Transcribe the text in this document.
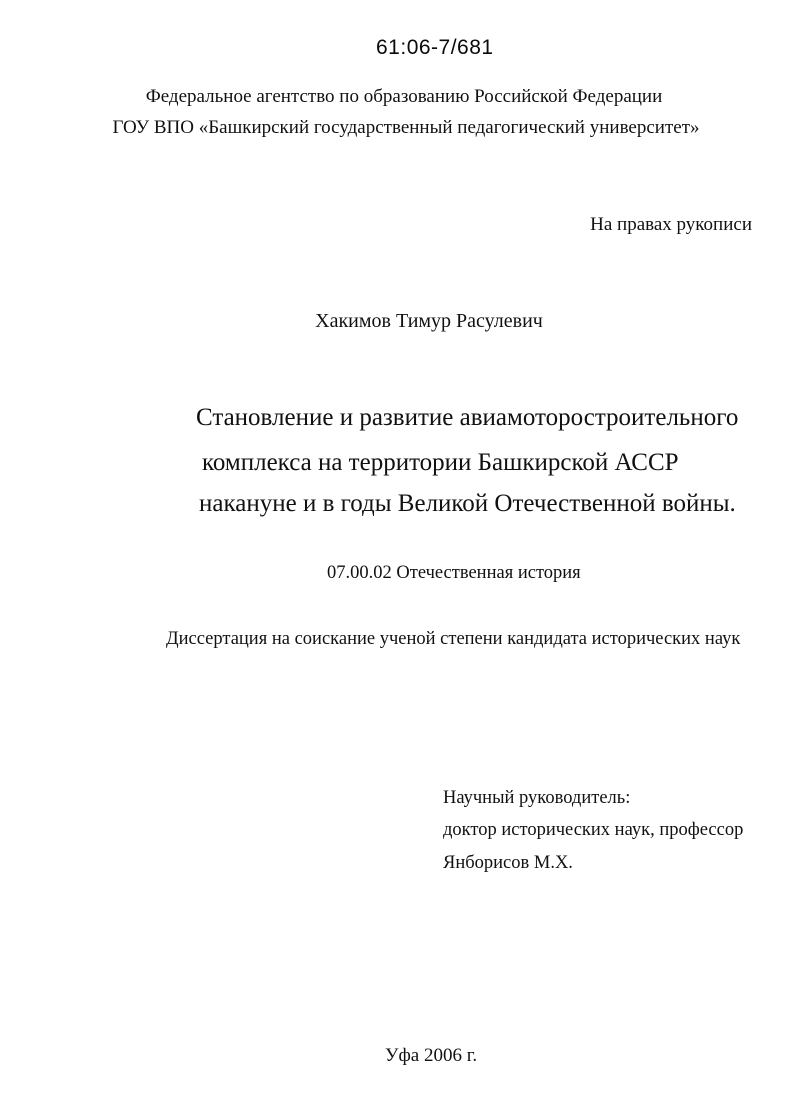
61:06-7/681
Федеральное агентство по образованию Российской Федерации
ГОУ ВПО «Башкирский государственный педагогический университет»
На правах рукописи
Хакимов Тимур Расулевич
Становление и развитие авиамоторостроительного
комплекса на территории Башкирской АССР
накануне и в годы Великой Отечественной войны.
07.00.02 Отечественная история
Диссертация на соискание ученой степени кандидата исторических наук
Научный руководитель:
доктор исторических наук, профессор
Янборисов М.Х.
Уфа 2006 г.
